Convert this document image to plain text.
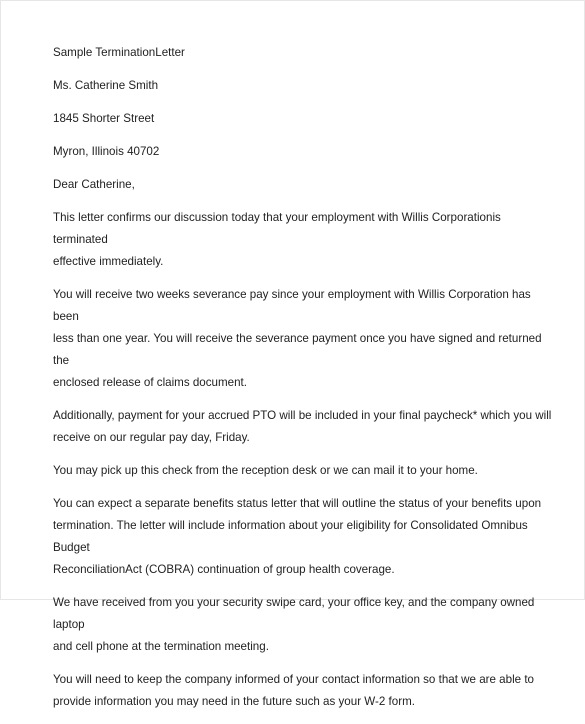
Sample TerminationLetter

Ms. Catherine Smith

1845 Shorter Street

Myron, Illinois 40702

Dear Catherine,

This letter confirms our discussion today that your employment with Willis Corporationis terminated
effective immediately.

You will receive two weeks severance pay since your employment with Willis Corporation has been
less than one year. You will receive the severance payment once you have signed and returned the
enclosed release of claims document.

Additionally, payment for your accrued PTO will be included in your final paycheck* which you will
receive on our regular pay day, Friday.

You may pick up this check from the reception desk or we can mail it to your home.

You can expect a separate benefits status letter that will outline the status of your benefits upon
termination. The letter will include information about your eligibility for Consolidated Omnibus Budget
ReconciliationAct (COBRA) continuation of group health coverage.

We have received from you your security swipe card, your office key, and the company owned laptop
and cell phone at the termination meeting.

You will need to keep the company informed of your contact information so that we are able to
provide information you may need in the future such as your W-2 form.
